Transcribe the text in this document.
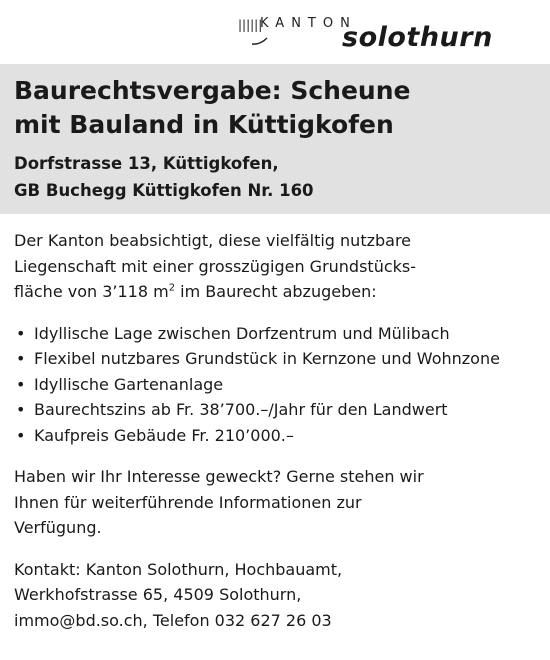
||||||
KANTON
solothurn
Baurechtsvergabe: Scheune
mit Bauland in Küttigkofen
Dorfstrasse 13, Küttigkofen,
GB Buchegg Küttigkofen Nr. 160

Der Kanton beabsichtigt, diese vielfältig nutzbare
Liegenschaft mit einer grosszügigen Grundstücks-
fläche von 3’118 $m^2$ im Baurecht abzugeben:

• Idyllische Lage zwischen Dorfzentrum und Mülibach
• Flexibel nutzbares Grundstück in Kernzone und Wohnzone
• Idyllische Gartenanlage
• Baurechtszins ab Fr. 38’700.–/Jahr für den Landwert
• Kaufpreis Gebäude Fr. 210’000.–

Haben wir Ihr Interesse geweckt? Gerne stehen wir
Ihnen für weiterführende Informationen zur
Verfügung.

Kontakt: Kanton Solothurn, Hochbauamt,
Werkhofstrasse 65, 4509 Solothurn,
immo@bd.so.ch, Telefon 032 627 26 03
